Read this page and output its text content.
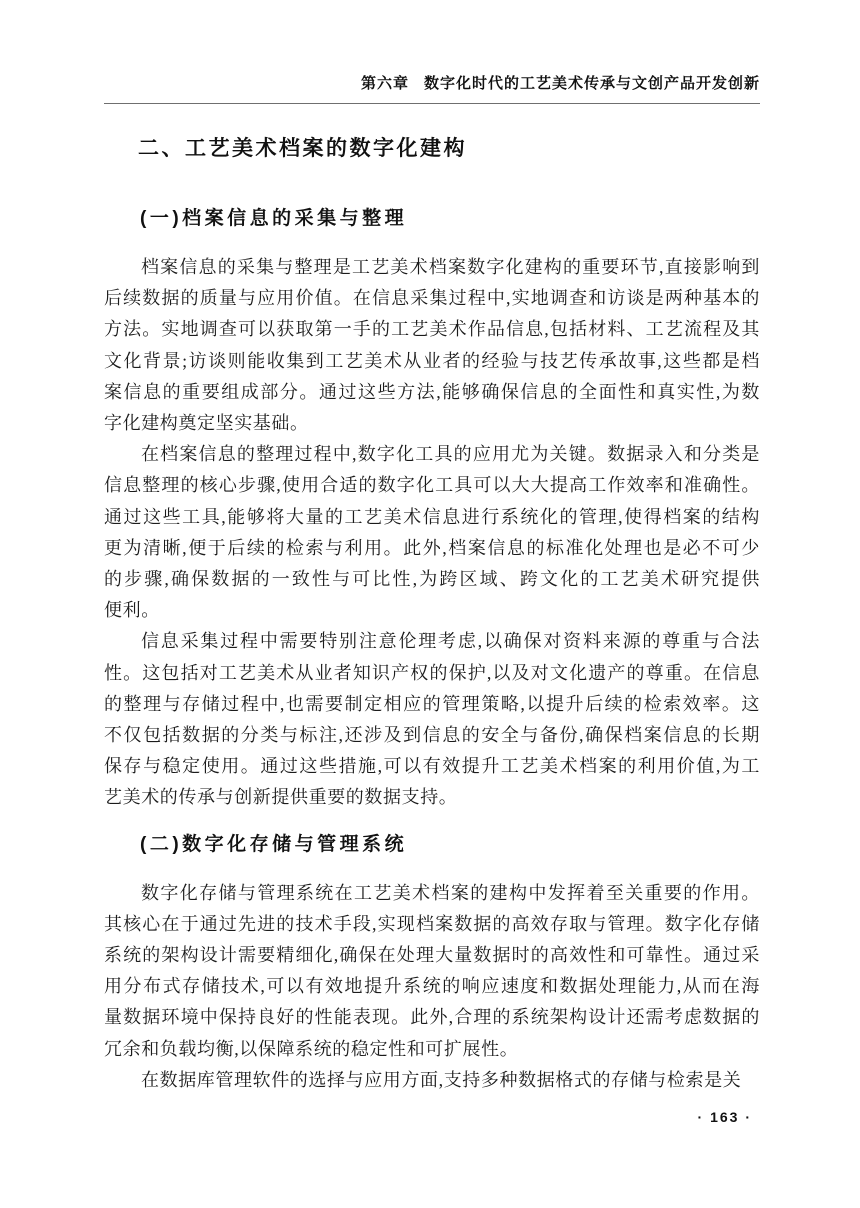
第六章 数字化时代的工艺美术传承与文创产品开发创新
二、工艺美术档案的数字化建构
(一)档案信息的采集与整理
档案信息的采集与整理是工艺美术档案数字化建构的重要环节,直接影响到
后续数据的质量与应用价值。在信息采集过程中,实地调查和访谈是两种基本的
方法。实地调查可以获取第一手的工艺美术作品信息,包括材料、工艺流程及其
文化背景;访谈则能收集到工艺美术从业者的经验与技艺传承故事,这些都是档
案信息的重要组成部分。通过这些方法,能够确保信息的全面性和真实性,为数
字化建构奠定坚实基础。
在档案信息的整理过程中,数字化工具的应用尤为关键。数据录入和分类是
信息整理的核心步骤,使用合适的数字化工具可以大大提高工作效率和准确性。
通过这些工具,能够将大量的工艺美术信息进行系统化的管理,使得档案的结构
更为清晰,便于后续的检索与利用。此外,档案信息的标准化处理也是必不可少
的步骤,确保数据的一致性与可比性,为跨区域、跨文化的工艺美术研究提供
便利。
信息采集过程中需要特别注意伦理考虑,以确保对资料来源的尊重与合法
性。这包括对工艺美术从业者知识产权的保护,以及对文化遗产的尊重。在信息
的整理与存储过程中,也需要制定相应的管理策略,以提升后续的检索效率。这
不仅包括数据的分类与标注,还涉及到信息的安全与备份,确保档案信息的长期
保存与稳定使用。通过这些措施,可以有效提升工艺美术档案的利用价值,为工
艺美术的传承与创新提供重要的数据支持。
(二)数字化存储与管理系统
数字化存储与管理系统在工艺美术档案的建构中发挥着至关重要的作用。
其核心在于通过先进的技术手段,实现档案数据的高效存取与管理。数字化存储
系统的架构设计需要精细化,确保在处理大量数据时的高效性和可靠性。通过采
用分布式存储技术,可以有效地提升系统的响应速度和数据处理能力,从而在海
量数据环境中保持良好的性能表现。此外,合理的系统架构设计还需考虑数据的
冗余和负载均衡,以保障系统的稳定性和可扩展性。
在数据库管理软件的选择与应用方面,支持多种数据格式的存储与检索是关
· 163 ·
